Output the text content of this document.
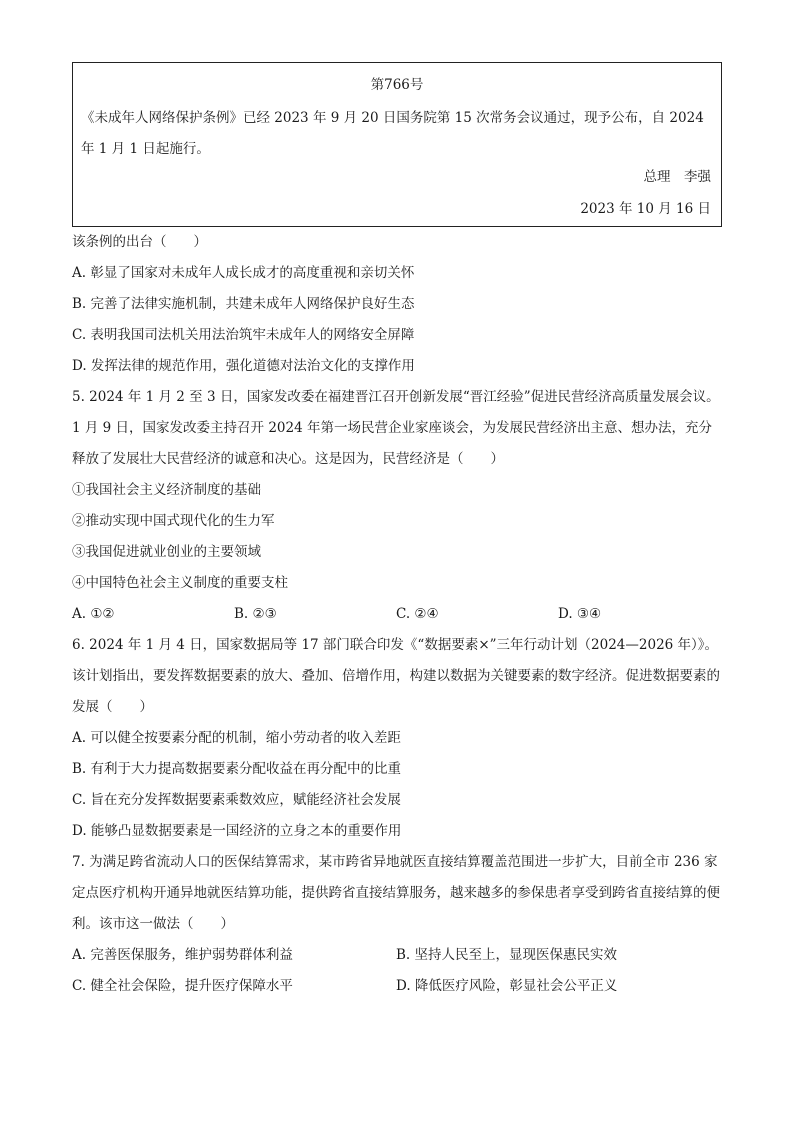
第766号
《未成年人网络保护条例》已经 2023 年 9 月 20 日国务院第 15 次常务会议通过，现予公布，自 2024 年 1 月 1 日起施行。
总理　李强
2023 年 10 月 16 日
该条例的出台（　　）
A. 彰显了国家对未成年人成长成才的高度重视和亲切关怀
B. 完善了法律实施机制，共建未成年人网络保护良好生态
C. 表明我国司法机关用法治筑牢未成年人的网络安全屏障
D. 发挥法律的规范作用，强化道德对法治文化的支撑作用
5. 2024 年 1 月 2 至 3 日，国家发改委在福建晋江召开创新发展“晋江经验”促进民营经济高质量发展会议。1 月 9 日，国家发改委主持召开 2024 年第一场民营企业家座谈会，为发展民营经济出主意、想办法，充分释放了发展壮大民营经济的诚意和决心。这是因为，民营经济是（　　）
①我国社会主义经济制度的基础
②推动实现中国式现代化的生力军
③我国促进就业创业的主要领域
④中国特色社会主义制度的重要支柱
A. ①②	B. ②③	C. ②④	D. ③④
6. 2024 年 1 月 4 日，国家数据局等 17 部门联合印发《“数据要素×”三年行动计划（2024—2026 年）》。该计划指出，要发挥数据要素的放大、叠加、倍增作用，构建以数据为关键要素的数字经济。促进数据要素的发展（　　）
A. 可以健全按要素分配的机制，缩小劳动者的收入差距
B. 有利于大力提高数据要素分配收益在再分配中的比重
C. 旨在充分发挥数据要素乘数效应，赋能经济社会发展
D. 能够凸显数据要素是一国经济的立身之本的重要作用
7. 为满足跨省流动人口的医保结算需求，某市跨省异地就医直接结算覆盖范围进一步扩大，目前全市 236 家定点医疗机构开通异地就医结算功能，提供跨省直接结算服务，越来越多的参保患者享受到跨省直接结算的便利。该市这一做法（　　）
A. 完善医保服务，维护弱势群体利益	B. 坚持人民至上，显现医保惠民实效
C. 健全社会保险，提升医疗保障水平	D. 降低医疗风险，彰显社会公平正义
